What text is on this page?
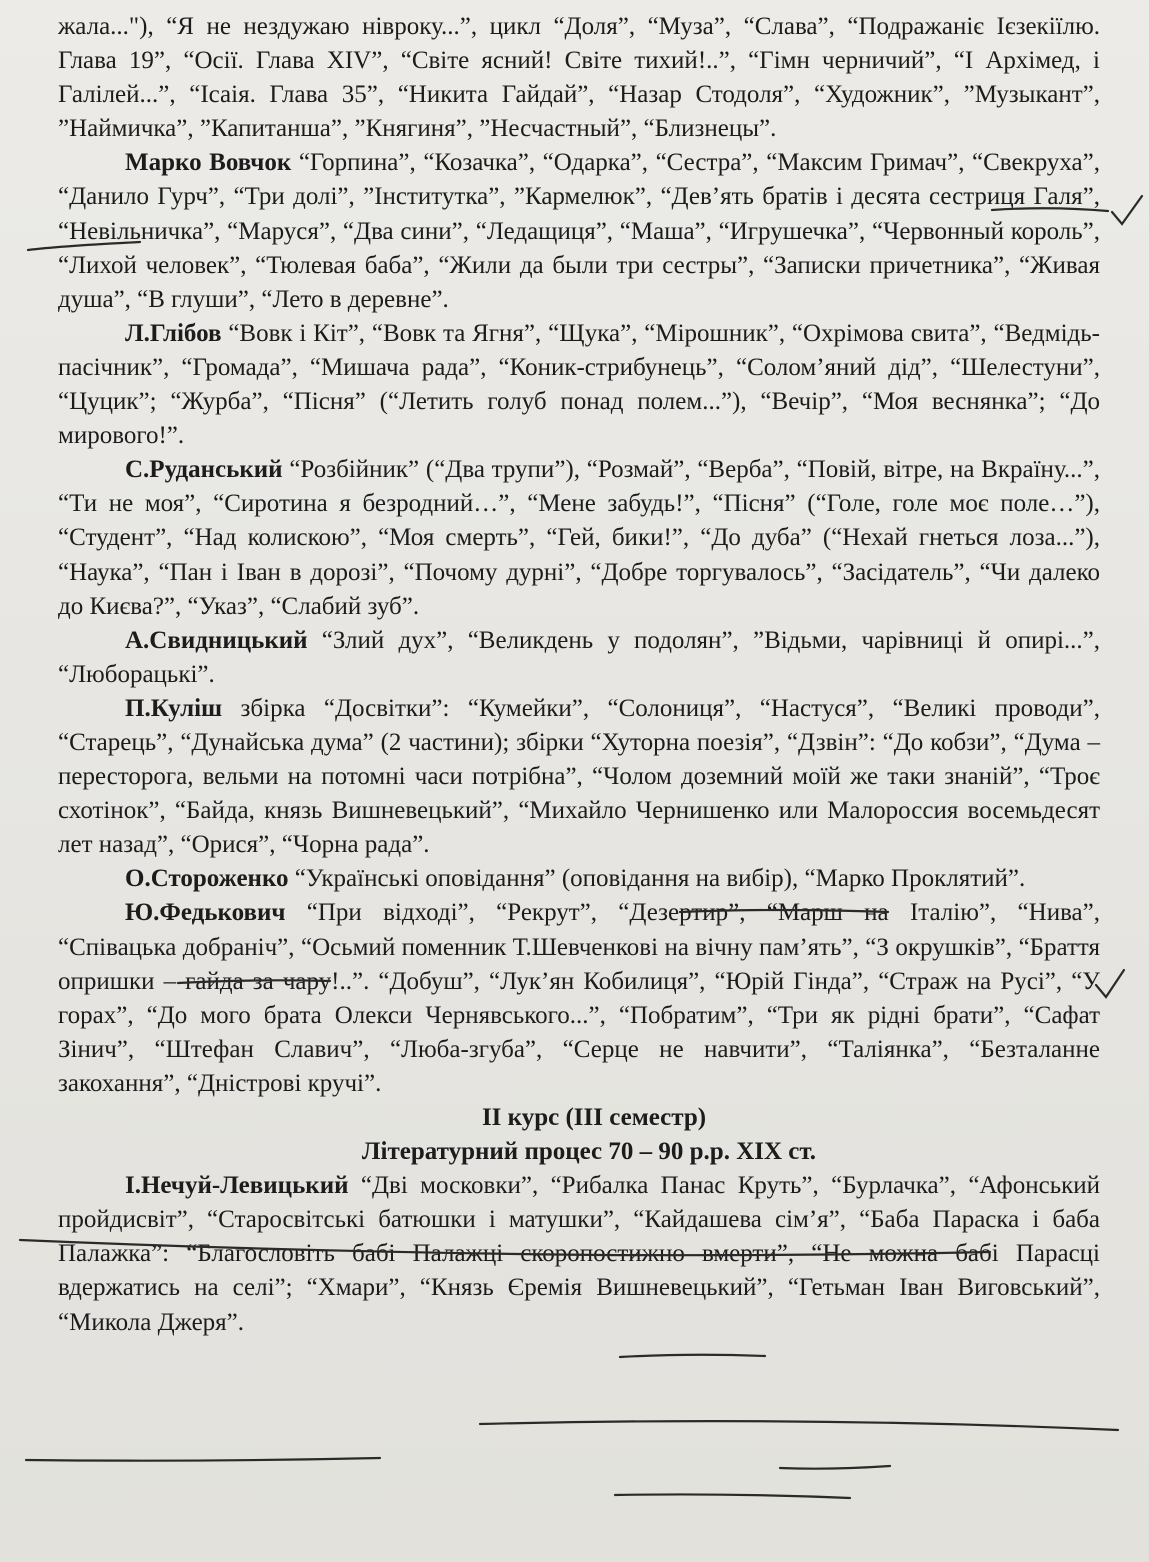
жала..."), “Я не нездужаю нівроку...”, цикл “Доля”, “Муза”, “Слава”, “Подражаніє Ієзекіїлю. Глава 19”, “Осії. Глава XIV”, “Світе ясний! Світе тихий!..”, “Гімн черничий”, “І Архімед, і Галілей...”, “Ісаія. Глава 35”, “Никита Гайдай”, “Назар Стодоля”, “Художник”, ”Музыкант”, ”Наймичка”, ”Капитанша”, ”Княгиня”, ”Несчастный”, “Близнецы”.

Марко Вовчок “Горпина”, “Козачка”, “Одарка”, “Сестра”, “Максим Гримач”, “Свекруха”, “Данило Гурч”, “Три долі”, ”Інститутка”, ”Кармелюк”, “Дев’ять братів і десята сестриця Галя”, “Невільничка”, “Маруся”, “Два сини”, “Ледащиця”, “Маша”, “Игрушечка”, “Червонный король”, “Лихой человек”, “Тюлевая баба”, “Жили да были три сестры”, “Записки причетника”, “Живая душа”, “В глуши”, “Лето в деревне”.

Л.Глібов “Вовк і Кіт”, “Вовк та Ягня”, “Щука”, “Мірошник”, “Охрімова свита”, “Ведмідь-пасічник”, “Громада”, “Мишача рада”, “Коник-стрибунець”, “Солом’яний дід”, “Шелестуни”, “Цуцик”; “Журба”, “Пісня” (“Летить голуб понад полем...”), “Вечір”, “Моя веснянка”; “До мирового!”.

С.Руданський “Розбійник” (“Два трупи”), “Розмай”, “Верба”, “Повій, вітре, на Вкраїну...”, “Ти не моя”, “Сиротина я безродний…”, “Мене забудь!”, “Пісня” (“Голе, голе моє поле…”), “Студент”, “Над колискою”, “Моя смерть”, “Гей, бики!”, “До дуба” (“Нехай гнеться лоза...”), “Наука”, “Пан і Іван в дорозі”, “Почому дурні”, “Добре торгувалось”, “Засідатель”, “Чи далеко до Києва?”, “Указ”, “Слабий зуб”.

А.Свидницький “Злий дух”, “Великдень у подолян”, ”Відьми, чарівниці й опирі...”, “Люборацькі”.

П.Куліш збірка “Досвітки”: “Кумейки”, “Солониця”, “Настуся”, “Великі проводи”, “Старець”, “Дунайська дума” (2 частини); збірки “Хуторна поезія”, “Дзвін”: “До кобзи”, “Дума – пересторога, вельми на потомні часи потрібна”, “Чолом доземний моїй же таки знаній”, “Троє схотінок”, “Байда, князь Вишневецький”, “Михайло Чернишенко или Малороссия восемьдесят лет назад”, “Орися”, “Чорна рада”.

О.Стороженко “Українські оповідання” (оповідання на вибір), “Марко Проклятий”.

Ю.Федькович “При відході”, “Рекрут”, “Дезертир”, “Марш на Італію”, “Нива”, “Співацька добраніч”, “Осьмий поменник Т.Шевченкові на вічну пам’ять”, “З окрушків”, “Браття опришки – гайда за чару!..”. “Добуш”, “Лук’ян Кобилиця”, “Юрій Гінда”, “Страж на Русі”, “У горах”, “До мого брата Олекси Чернявського...”, “Побратим”, “Три як рідні брати”, “Сафат Зінич”, “Штефан Славич”, “Люба-згуба”, “Серце не навчити”, “Талiянка”, “Безталанне закохання”, “Дністрові кручі”.

ІІ курс (ІІІ семестр)

Літературний процес 70 – 90 р.р. ХІХ ст.

І.Нечуй-Левицький “Дві московки”, “Рибалка Панас Круть”, “Бурлачка”, “Афонський пройдисвіт”, “Старосвітські батюшки і матушки”, “Кайдашева сім’я”, “Баба Параска і баба Палажка”: “Благословіть бабі Палажці скоропостижно вмерти”, “Не можна бабі Парасці вдержатись на селі”; “Хмари”, “Князь Єремія Вишневецький”, “Гетьман Іван Виговський”, “Микола Джеря”.
